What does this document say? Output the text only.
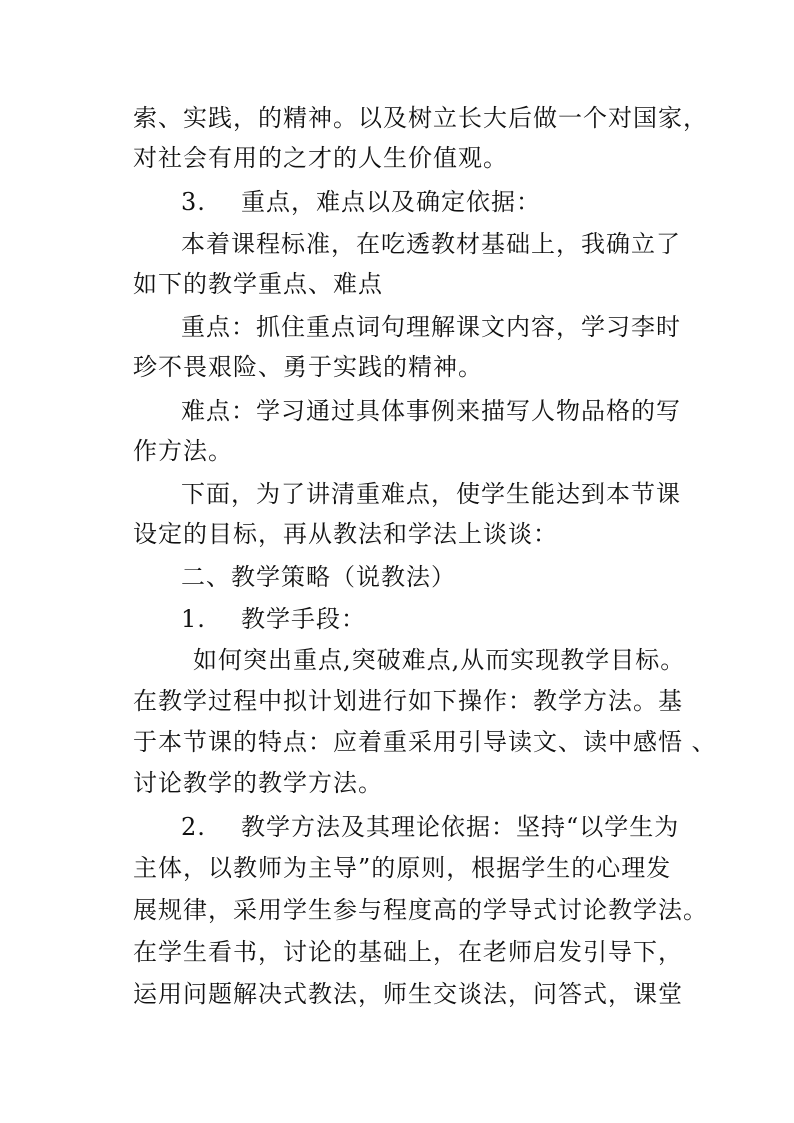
索、实践，的精神。以及树立长大后做一个对国家，
对社会有用的之才的人生价值观。
3. 重点，难点以及确定依据：
本着课程标准，在吃透教材基础上，我确立了
如下的教学重点、难点
重点：抓住重点词句理解课文内容，学习李时
珍不畏艰险、勇于实践的精神。
难点：学习通过具体事例来描写人物品格的写
作方法。
下面，为了讲清重难点，使学生能达到本节课
设定的目标，再从教法和学法上谈谈：
二、教学策略（说教法）
1. 教学手段：
如何突出重点,突破难点,从而实现教学目标。
在教学过程中拟计划进行如下操作：教学方法。基
于本节课的特点：应着重采用引导读文、读中感悟 、
讨论教学的教学方法。
2. 教学方法及其理论依据：坚持“以学生为
主体，以教师为主导”的原则，根据学生的心理发
展规律，采用学生参与程度高的学导式讨论教学法。
在学生看书，讨论的基础上，在老师启发引导下，
运用问题解决式教法，师生交谈法，问答式，课堂
